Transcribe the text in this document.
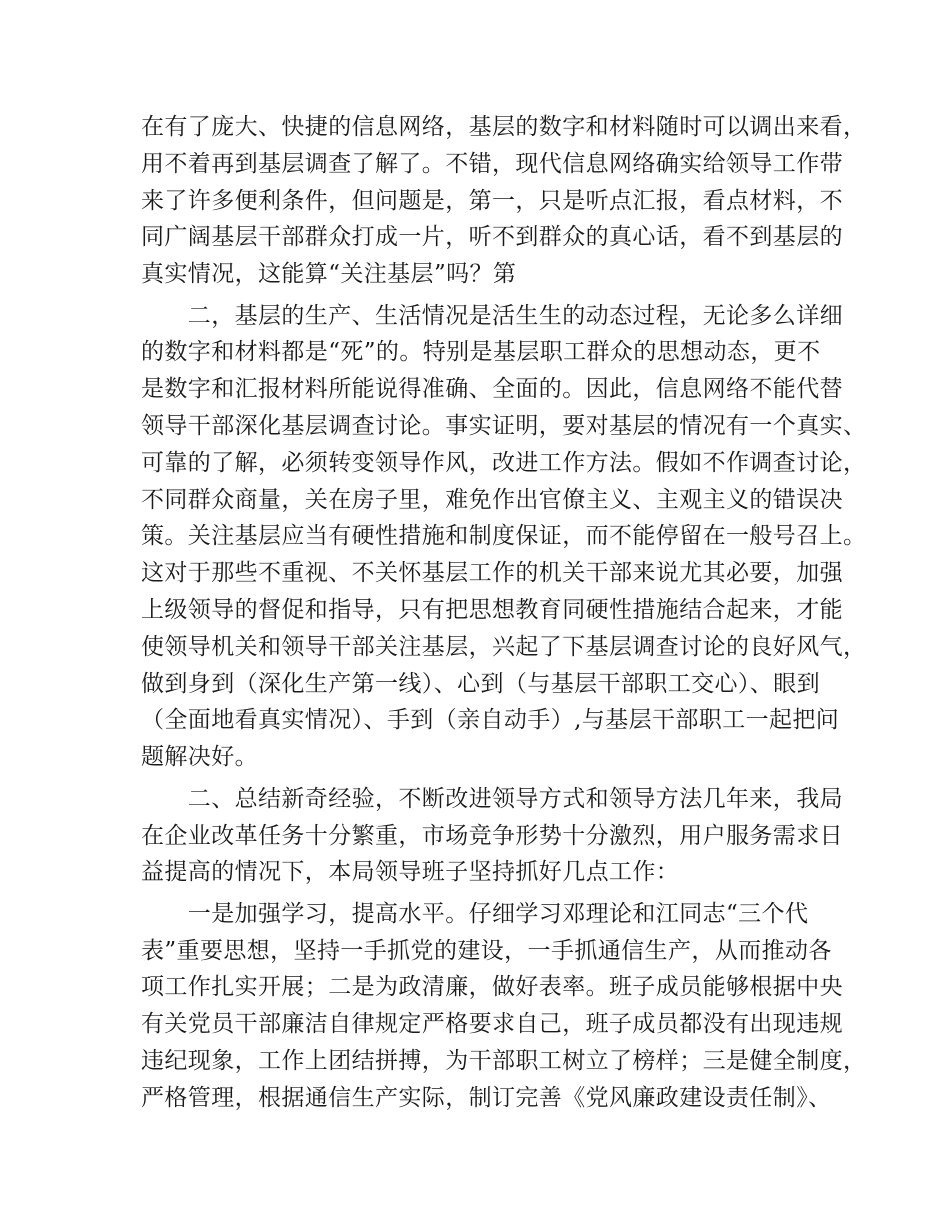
在有了庞大、快捷的信息网络，基层的数字和材料随时可以调出来看，
用不着再到基层调查了解了。不错，现代信息网络确实给领导工作带
来了许多便利条件，但问题是，第一，只是听点汇报，看点材料，不
同广阔基层干部群众打成一片，听不到群众的真心话，看不到基层的
真实情况，这能算“关注基层”吗？第
　　二，基层的生产、生活情况是活生生的动态过程，无论多么详细
的数字和材料都是“死”的。特别是基层职工群众的思想动态，更不
是数字和汇报材料所能说得准确、全面的。因此，信息网络不能代替
领导干部深化基层调查讨论。事实证明，要对基层的情况有一个真实、
可靠的了解，必须转变领导作风，改进工作方法。假如不作调查讨论，
不同群众商量，关在房子里，难免作出官僚主义、主观主义的错误决
策。关注基层应当有硬性措施和制度保证，而不能停留在一般号召上。
这对于那些不重视、不关怀基层工作的机关干部来说尤其必要，加强
上级领导的督促和指导，只有把思想教育同硬性措施结合起来，才能
使领导机关和领导干部关注基层，兴起了下基层调查讨论的良好风气，
做到身到（深化生产第一线）、心到（与基层干部职工交心）、眼到
（全面地看真实情况）、手到（亲自动手）,与基层干部职工一起把问
题解决好。
　　二、总结新奇经验，不断改进领导方式和领导方法几年来，我局
在企业改革任务十分繁重，市场竞争形势十分激烈，用户服务需求日
益提高的情况下，本局领导班子坚持抓好几点工作：
　　一是加强学习，提高水平。仔细学习邓理论和江同志“三个代
表”重要思想，坚持一手抓党的建设，一手抓通信生产，从而推动各
项工作扎实开展；二是为政清廉，做好表率。班子成员能够根据中央
有关党员干部廉洁自律规定严格要求自己，班子成员都没有出现违规
违纪现象，工作上团结拼搏，为干部职工树立了榜样；三是健全制度，
严格管理，根据通信生产实际，制订完善《党风廉政建设责任制》、
